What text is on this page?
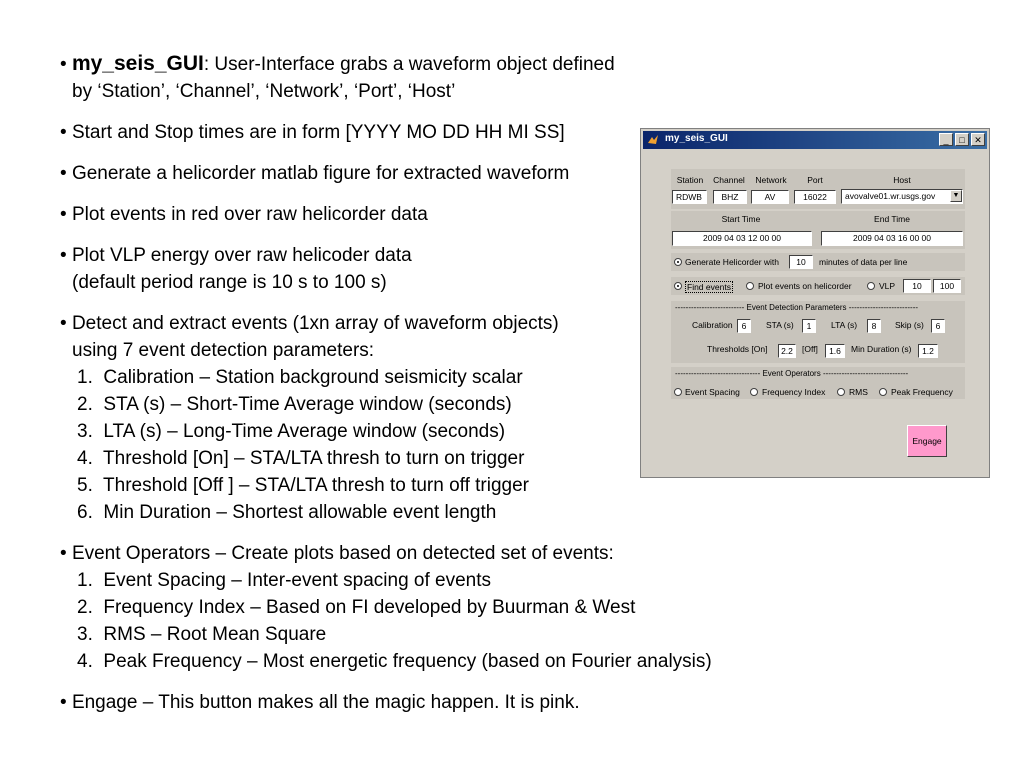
• my_seis_GUI: User-Interface grabs a waveform object defined

by ‘Station’, ‘Channel’, ‘Network’, ‘Port’, ‘Host’

• Start and Stop times are in form [YYYY MO DD HH MI SS]

• Generate a helicorder matlab figure for extracted waveform

• Plot events in red over raw helicorder data

• Plot VLP energy over raw helicoder data

(default period range is 10 s to 100 s)

• Detect and extract events (1xn array of waveform objects)

using 7 event detection parameters:

1.  Calibration – Station background seismicity scalar

2.  STA (s) – Short-Time Average window (seconds)

3.  LTA (s) – Long-Time Average window (seconds)

4.  Threshold [On] – STA/LTA thresh to turn on trigger

5.  Threshold [Off ] – STA/LTA thresh to turn off trigger

6.  Min Duration – Shortest allowable event length

• Event Operators – Create plots based on detected set of events:

1.  Event Spacing – Inter-event spacing of events

2.  Frequency Index – Based on FI developed by Buurman & West

3.  RMS – Root Mean Square

4.  Peak Frequency – Most energetic frequency (based on Fourier analysis)

• Engage – This button makes all the magic happen. It is pink.

my_seis_GUI	_	□	✕
Station	Channel	Network	Port	Host
RDWB	BHZ	AV	16022	avovalve01.wr.usgs.gov	▼
Start Time	End Time
2009 04 03 12 00 00	2009 04 03 16 00 00
Generate Helicorder with	10	minutes of data per line
Find events	Plot events on helicorder	VLP	10	100
-------------------------- Event Detection Parameters --------------------------
Calibration	6	STA (s)	1	LTA (s)	8	Skip (s)	6
Thresholds [On]	2.2	[Off]	1.6	Min Duration (s)	1.2
-------------------------------- Event Operators --------------------------------
Event Spacing	Frequency Index	RMS	Peak Frequency
Engage
